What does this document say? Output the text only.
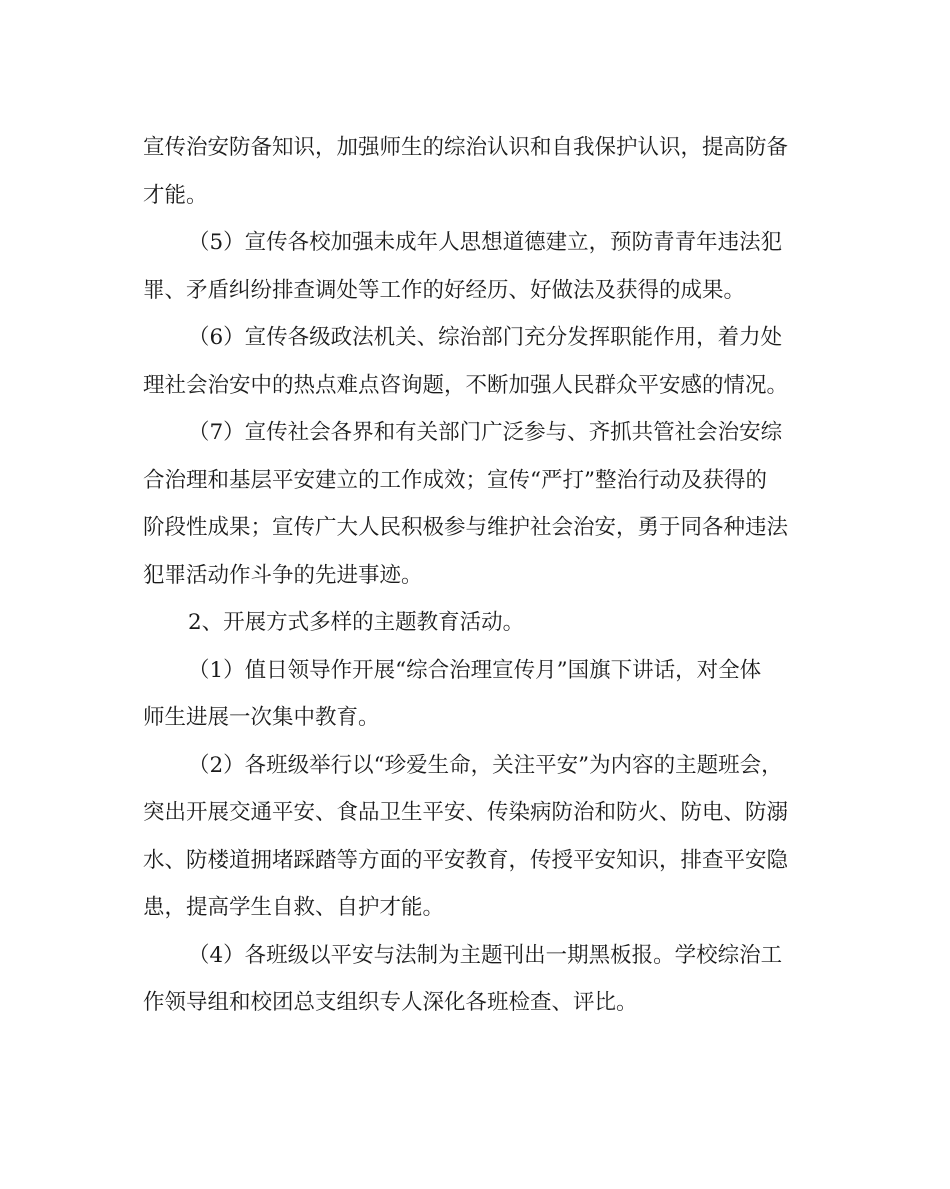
宣传治安防备知识，加强师生的综治认识和自我保护认识，提高防备
才能。
（5）宣传各校加强未成年人思想道德建立，预防青青年违法犯
罪、矛盾纠纷排查调处等工作的好经历、好做法及获得的成果。
（6）宣传各级政法机关、综治部门充分发挥职能作用，着力处
理社会治安中的热点难点咨询题，不断加强人民群众平安感的情况。
（7）宣传社会各界和有关部门广泛参与、齐抓共管社会治安综
合治理和基层平安建立的工作成效；宣传“严打”整治行动及获得的
阶段性成果；宣传广大人民积极参与维护社会治安，勇于同各种违法
犯罪活动作斗争的先进事迹。
2、开展方式多样的主题教育活动。
（1）值日领导作开展“综合治理宣传月”国旗下讲话，对全体
师生进展一次集中教育。
（2）各班级举行以“珍爱生命，关注平安”为内容的主题班会，
突出开展交通平安、食品卫生平安、传染病防治和防火、防电、防溺
水、防楼道拥堵踩踏等方面的平安教育，传授平安知识，排查平安隐
患，提高学生自救、自护才能。
（4）各班级以平安与法制为主题刊出一期黑板报。学校综治工
作领导组和校团总支组织专人深化各班检查、评比。
